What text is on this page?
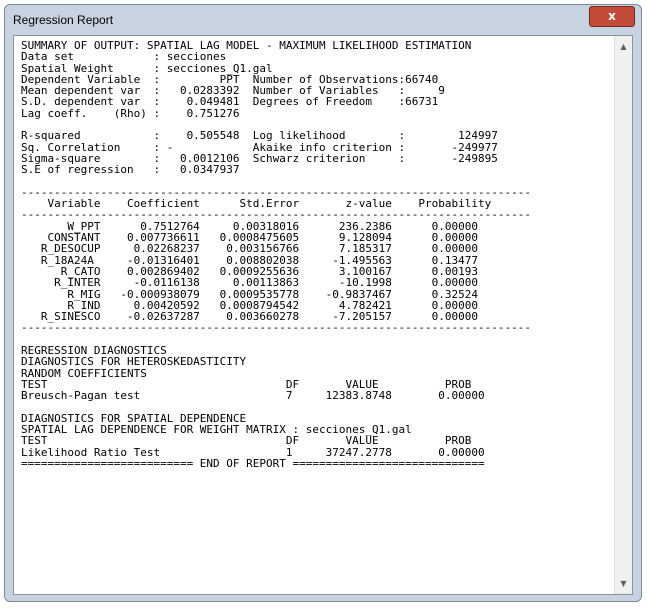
Regression Report	x
SUMMARY OF OUTPUT: SPATIAL LAG MODEL - MAXIMUM LIKELIHOOD ESTIMATION
Data set            : secciones
Spatial Weight      : secciones_Q1.gal
Dependent Variable  :         PPT  Number of Observations:66740
Mean dependent var  :   0.0283392  Number of Variables   :     9
S.D. dependent var  :    0.049481  Degrees of Freedom    :66731
Lag coeff.    (Rho) :    0.751276

R-squared           :    0.505548  Log likelihood        :        124997
Sq. Correlation     : -            Akaike info criterion :       -249977
Sigma-square        :   0.0012106  Schwarz criterion     :       -249895
S.E of regression   :   0.0347937

-----------------------------------------------------------------------------
Variable    Coefficient      Std.Error       z-value    Probability
-----------------------------------------------------------------------------
W_PPT      0.7512764     0.00318016      236.2386      0.00000
CONSTANT    0.007736611   0.0008475605      9.128094      0.00000
R_DESOCUP     0.02268237    0.003156766      7.185317      0.00000
R_18A24A     -0.01316401    0.008802038     -1.495563      0.13477
R_CATO    0.002869402   0.0009255636      3.100167      0.00193
R_INTER     -0.0116138     0.00113863      -10.1998      0.00000
R_MIG   -0.000938079   0.0009535778    -0.9837467      0.32524
R_IND     0.00420592   0.0008794542      4.782421      0.00000
R_SINESCO    -0.02637287    0.003660278     -7.205157      0.00000
-----------------------------------------------------------------------------

REGRESSION DIAGNOSTICS
DIAGNOSTICS FOR HETEROSKEDASTICITY
RANDOM COEFFICIENTS
TEST                                    DF       VALUE          PROB
Breusch-Pagan test                      7     12383.8748       0.00000

DIAGNOSTICS FOR SPATIAL DEPENDENCE
SPATIAL LAG DEPENDENCE FOR WEIGHT MATRIX : secciones_Q1.gal
TEST                                    DF       VALUE          PROB
Likelihood Ratio Test                   1     37247.2778       0.00000
========================== END OF REPORT =============================

▲
▼
